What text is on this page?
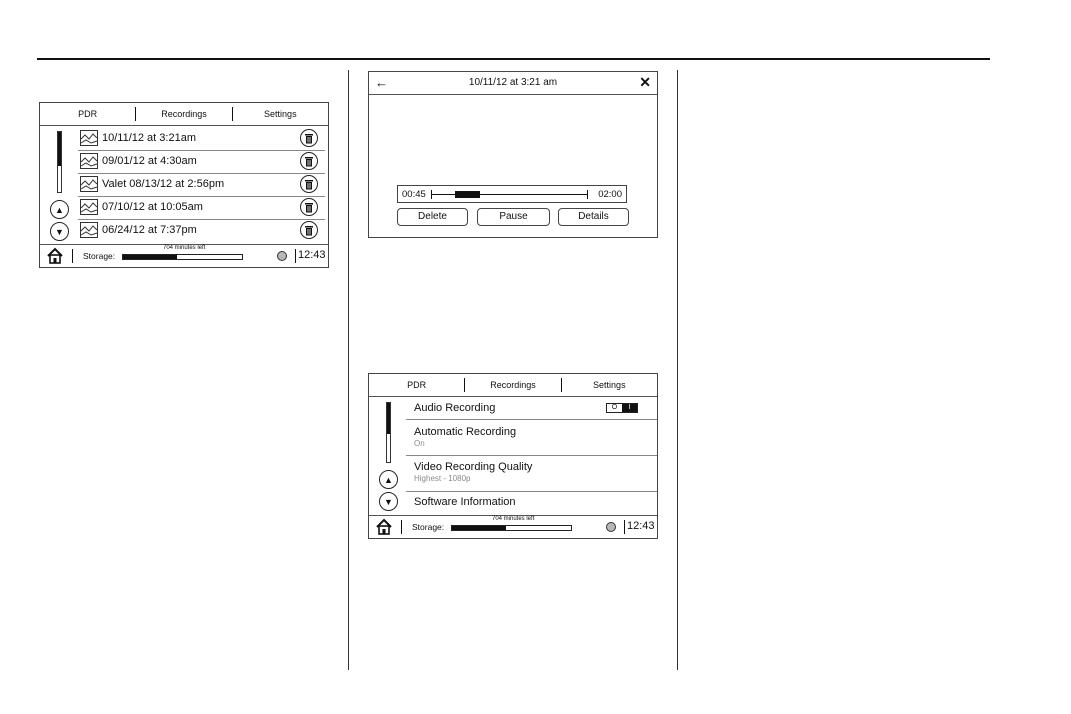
PDR	Recordings	Settings
▲
▼
10/11/12 at 3:21am
09/01/12 at 4:30am
Valet 08/13/12 at 2:56pm
07/10/12 at 10:05am
06/24/12 at 7:37pm
Storage:
704 minutes left
12:43
←	10/11/12 at 3:21 am	✕
00:45	02:00
Delete	Pause	Details
PDR	Recordings	Settings
▲
▼
Audio Recording	O	I
Automatic Recording
On
Video Recording Quality
Highest - 1080p
Software Information
Storage:
704 minutes left
12:43
